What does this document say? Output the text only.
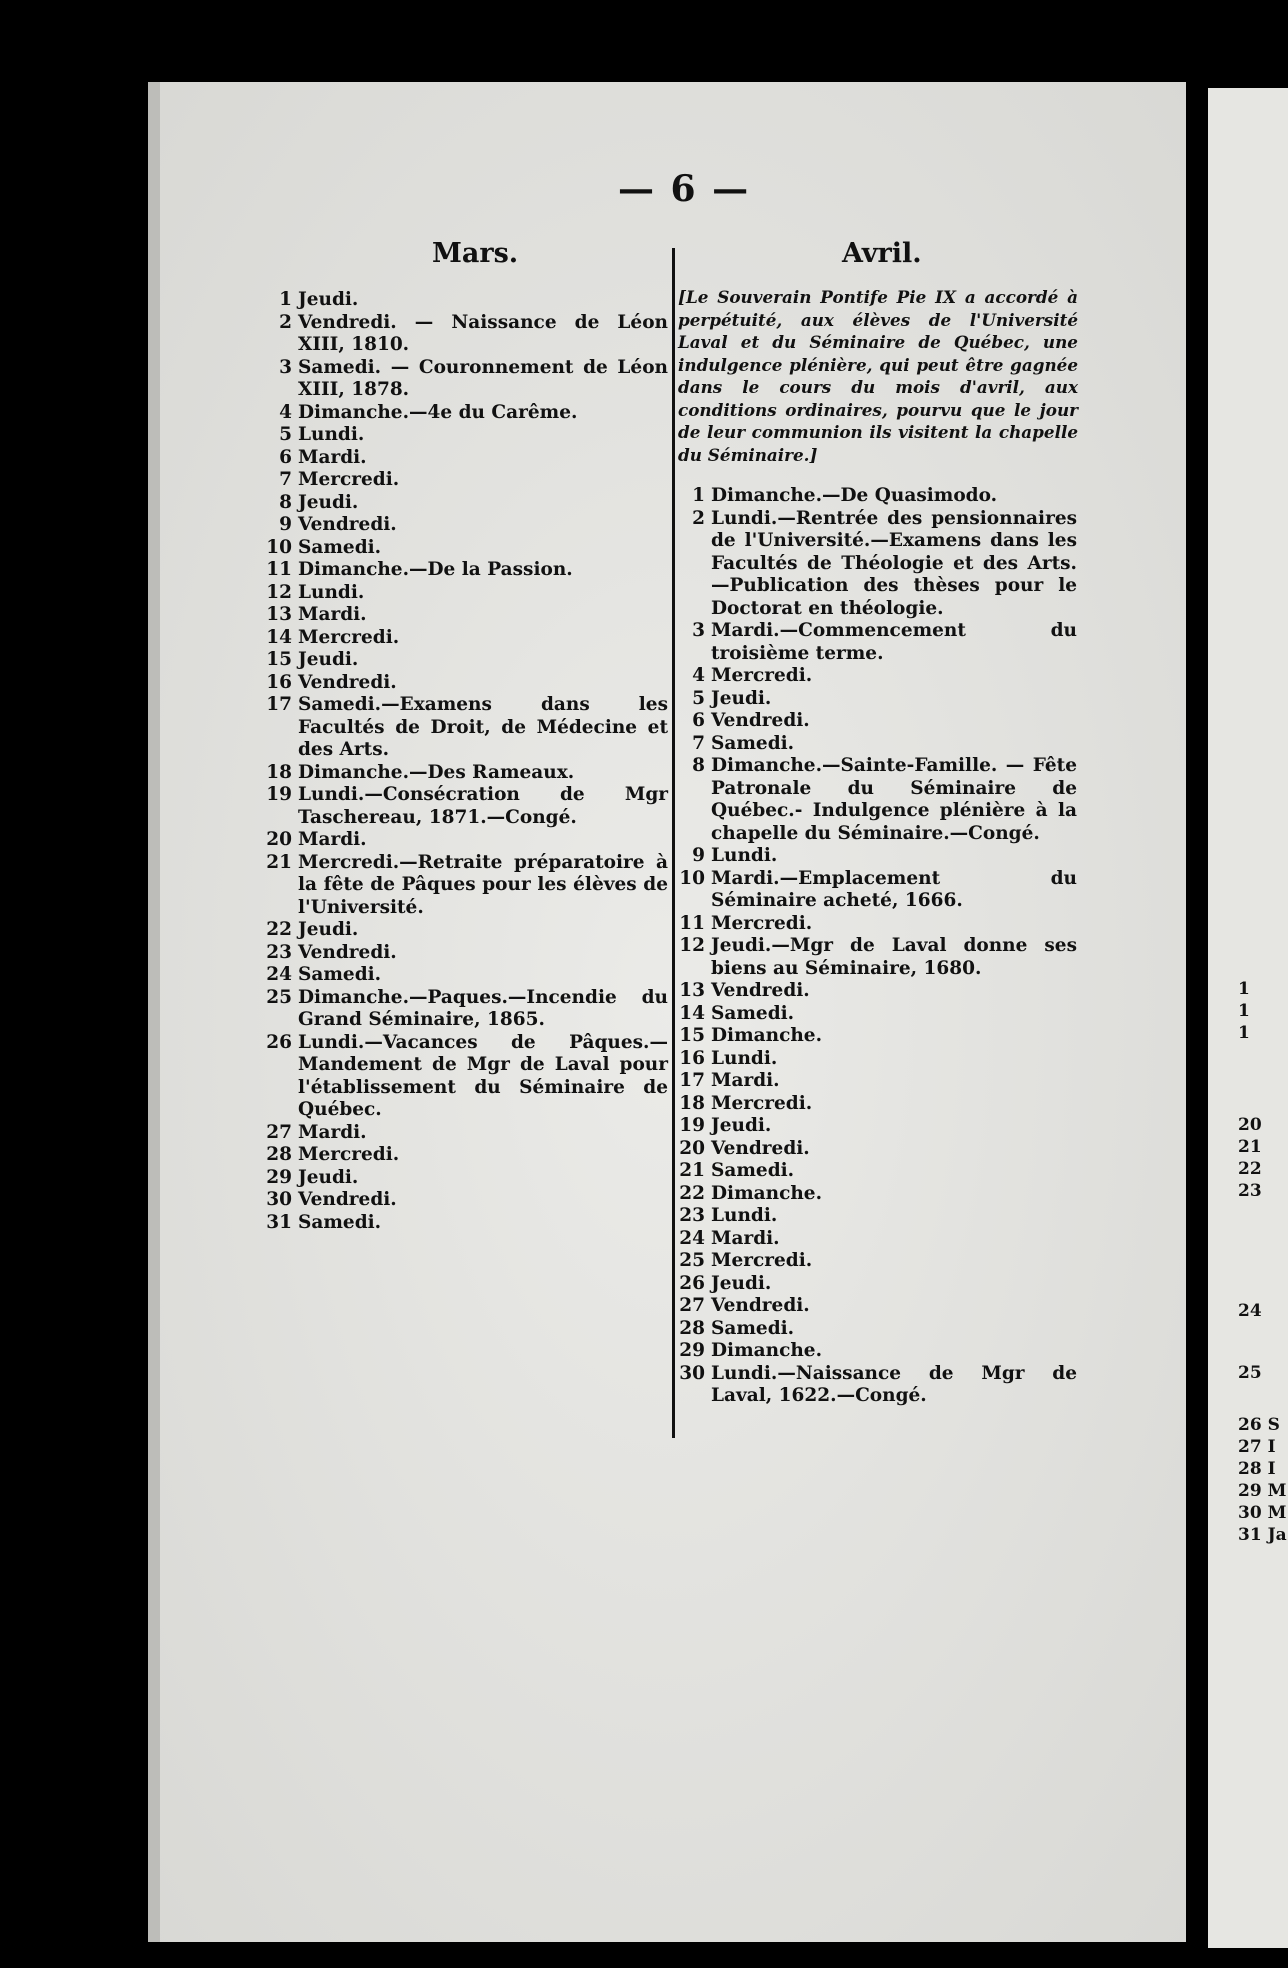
— 6 —
Mars.	Avril.
1 Jeudi.
2 Vendredi. — Naissance de Léon XIII, 1810.
3 Samedi. — Couronnement de Léon XIII, 1878.
4 Dimanche.—4e du Carême.
5 Lundi.
6 Mardi.
7 Mercredi.
8 Jeudi.
9 Vendredi.
10 Samedi.
11 Dimanche.—De la Passion.
12 Lundi.
13 Mardi.
14 Mercredi.
15 Jeudi.
16 Vendredi.
17 Samedi.—Examens dans les Facultés de Droit, de Médecine et des Arts.
18 Dimanche.—Des Rameaux.
19 Lundi.—Consécration de Mgr Taschereau, 1871.—Congé.
20 Mardi.
21 Mercredi.—Retraite préparatoire à la fête de Pâques pour les élèves de l'Université.
22 Jeudi.
23 Vendredi.
24 Samedi.
25 Dimanche.—Paques.—Incendie du Grand Séminaire, 1865.
26 Lundi.—Vacances de Pâques.—Mandement de Mgr de Laval pour l'établissement du Séminaire de Québec.
27 Mardi.
28 Mercredi.
29 Jeudi.
30 Vendredi.
31 Samedi.
[Le Souverain Pontife Pie IX a accordé à perpétuité, aux élèves de l'Université Laval et du Séminaire de Québec, une indulgence plénière, qui peut être gagnée dans le cours du mois d'avril, aux conditions ordinaires, pourvu que le jour de leur communion ils visitent la chapelle du Séminaire.]
1 Dimanche.—De Quasimodo.
2 Lundi.—Rentrée des pensionnaires de l'Université.—Examens dans les Facultés de Théologie et des Arts.—Publication des thèses pour le Doctorat en théologie.
3 Mardi.—Commencement du troisième terme.
4 Mercredi.
5 Jeudi.
6 Vendredi.
7 Samedi.
8 Dimanche.—Sainte-Famille. — Fête Patronale du Séminaire de Québec.- Indulgence plénière à la chapelle du Séminaire.—Congé.
9 Lundi.
10 Mardi.—Emplacement du Séminaire acheté, 1666.
11 Mercredi.
12 Jeudi.—Mgr de Laval donne ses biens au Séminaire, 1680.
13 Vendredi.
14 Samedi.
15 Dimanche.
16 Lundi.
17 Mardi.
18 Mercredi.
19 Jeudi.
20 Vendredi.
21 Samedi.
22 Dimanche.
23 Lundi.
24 Mardi.
25 Mercredi.
26 Jeudi.
27 Vendredi.
28 Samedi.
29 Dimanche.
30 Lundi.—Naissance de Mgr de Laval, 1622.—Congé.
1
1
1
20
21
22
23
24
25
26 S
27 I
28 I
29 M
30 M
31 Ja
